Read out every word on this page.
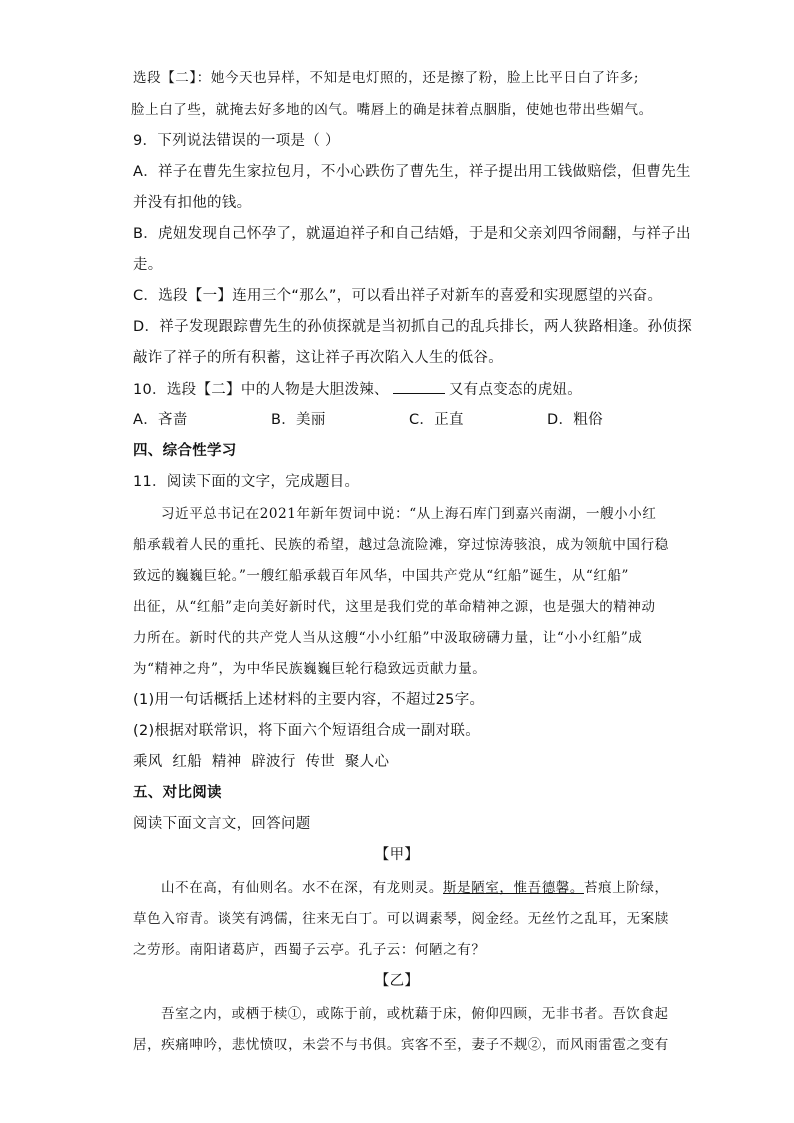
选段【二】：她今天也异样，不知是电灯照的，还是擦了粉，脸上比平日白了许多;
脸上白了些，就掩去好多地的凶气。嘴唇上的确是抹着点胭脂，使她也带出些媚气。
9．下列说法错误的一项是（ ）
A．祥子在曹先生家拉包月，不小心跌伤了曹先生，祥子提出用工钱做赔偿，但曹先生
并没有扣他的钱。
B．虎妞发现自己怀孕了，就逼迫祥子和自己结婚，于是和父亲刘四爷闹翻，与祥子出
走。
C．选段【一】连用三个“那么”，可以看出祥子对新车的喜爱和实现愿望的兴奋。
D．祥子发现跟踪曹先生的孙侦探就是当初抓自己的乱兵排长，两人狭路相逢。孙侦探
敲诈了祥子的所有积蓄，这让祥子再次陷入人生的低谷。
10．选段【二】中的人物是大胆泼辣、	又有点变态的虎妞。
A．吝啬	B．美丽	C．正直	D．粗俗
四、综合性学习
11．阅读下面的文字，完成题目。
习近平总书记在2021年新年贺词中说：“从上海石库门到嘉兴南湖，一艘小小红
船承载着人民的重托、民族的希望，越过急流险滩，穿过惊涛骇浪，成为领航中国行稳
致远的巍巍巨轮。”一艘红船承载百年风华，中国共产党从“红船”诞生，从“红船”
出征，从“红船”走向美好新时代，这里是我们党的革命精神之源，也是强大的精神动
力所在。新时代的共产党人当从这艘“小小红船”中汲取磅礴力量，让“小小红船”成
为“精神之舟”，为中华民族巍巍巨轮行稳致远贡献力量。
(1)用一句话概括上述材料的主要内容，不超过25字。
(2)根据对联常识，将下面六个短语组合成一副对联。
乘风  红船  精神  辟波行  传世  聚人心
五、对比阅读
阅读下面文言文，回答问题
【甲】
山不在高，有仙则名。水不在深，有龙则灵。斯是陋室，惟吾德馨。苔痕上阶绿，
草色入帘青。谈笑有鸿儒，往来无白丁。可以调素琴，阅金经。无丝竹之乱耳，无案牍
之劳形。南阳诸葛庐，西蜀子云亭。孔子云：何陋之有？
【乙】
吾室之内，或栖于椟①，或陈于前，或枕藉于床，俯仰四顾，无非书者。吾饮食起
居，疾痛呻吟，悲忧愤叹，未尝不与书俱。宾客不至，妻子不觌②，而风雨雷雹之变有
